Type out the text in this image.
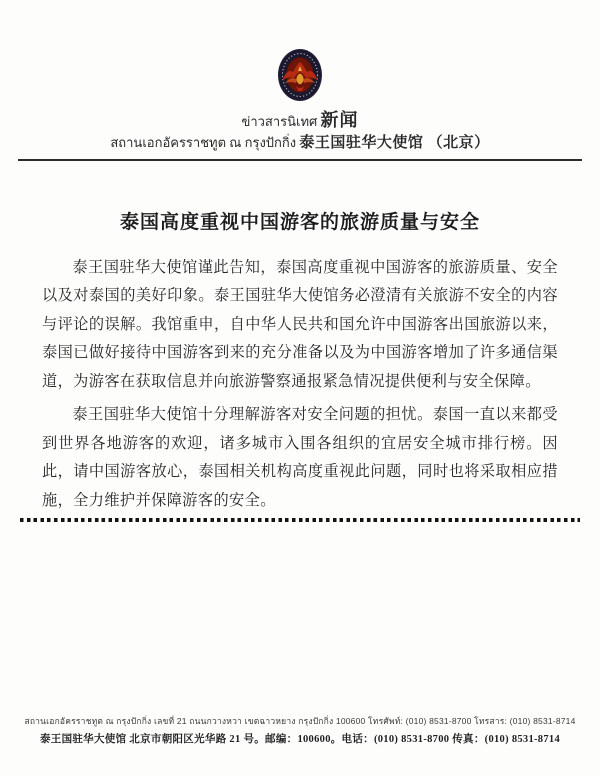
ข่าวสารนิเทศ 新闻
สถานเอกอัครราชทูต ณ กรุงปักกิ่ง 泰王国驻华大使馆 （北京）
泰国高度重视中国游客的旅游质量与安全

泰王国驻华大使馆谨此告知，泰国高度重视中国游客的旅游质量、安全以及对泰国的美好印象。泰王国驻华大使馆务必澄清有关旅游不安全的内容与评论的误解。我馆重申，自中华人民共和国允许中国游客出国旅游以来，泰国已做好接待中国游客到来的充分准备以及为中国游客增加了许多通信渠道，为游客在获取信息并向旅游警察通报紧急情况提供便利与安全保障。

泰王国驻华大使馆十分理解游客对安全问题的担忧。泰国一直以来都受到世界各地游客的欢迎，诸多城市入围各组织的宜居安全城市排行榜。因此，请中国游客放心，泰国相关机构高度重视此问题，同时也将采取相应措施，全力维护并保障游客的安全。

สถานเอกอัครราชทูต ณ กรุงปักกิ่ง เลขที่ 21 ถนนกวางหวา เขตฉาวหยาง กรุงปักกิ่ง 100600 โทรศัพท์: (010) 8531-8700 โทรสาร: (010) 8531-8714
泰王国驻华大使馆 北京市朝阳区光华路 21 号。邮编：100600。电话：(010) 8531-8700 传真：(010) 8531-8714
